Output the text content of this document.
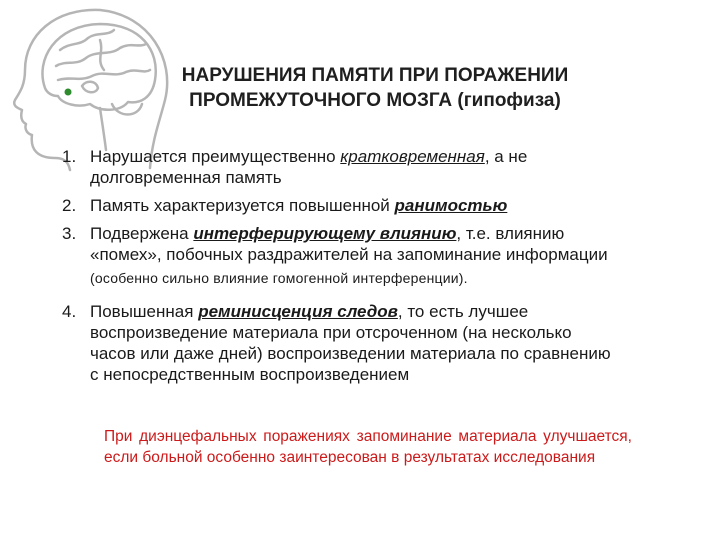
НАРУШЕНИЯ ПАМЯТИ ПРИ ПОРАЖЕНИИ
ПРОМЕЖУТОЧНОГО МОЗГА (гипофиза)
1. Нарушается преимущественно кратковременная, а не
долговременная память
2. Память характеризуется повышенной ранимостью
3. Подвержена интерферирующему влиянию, т.е. влиянию
«помех», побочных раздражителей на запоминание информации
(особенно сильно влияние гомогенной интерференции).
4. Повышенная реминисценция следов, то есть лучшее
воспроизведение материала при отсроченном (на несколько
часов или даже дней) воспроизведении материала по сравнению
с непосредственным воспроизведением
При диэнцефальных поражениях запоминание материала улучшается, если больной особенно заинтересован в результатах исследования
